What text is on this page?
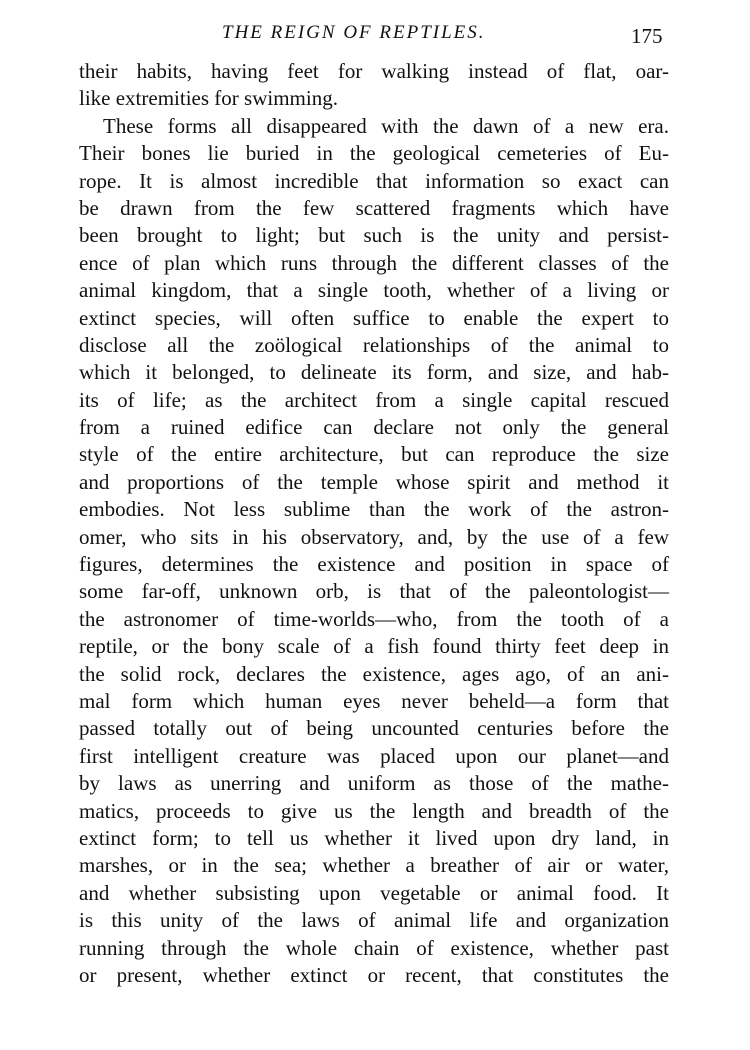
THE REIGN OF REPTILES.	175
their habits, having feet for walking instead of flat, oar-
like extremities for swimming.
These forms all disappeared with the dawn of a new era.
Their bones lie buried in the geological cemeteries of Eu-
rope. It is almost incredible that information so exact can
be drawn from the few scattered fragments which have
been brought to light; but such is the unity and persist-
ence of plan which runs through the different classes of the
animal kingdom, that a single tooth, whether of a living or
extinct species, will often suffice to enable the expert to
disclose all the zoölogical relationships of the animal to
which it belonged, to delineate its form, and size, and hab-
its of life; as the architect from a single capital rescued
from a ruined edifice can declare not only the general
style of the entire architecture, but can reproduce the size
and proportions of the temple whose spirit and method it
embodies. Not less sublime than the work of the astron-
omer, who sits in his observatory, and, by the use of a few
figures, determines the existence and position in space of
some far-off, unknown orb, is that of the paleontologist—
the astronomer of time-worlds—who, from the tooth of a
reptile, or the bony scale of a fish found thirty feet deep in
the solid rock, declares the existence, ages ago, of an ani-
mal form which human eyes never beheld—a form that
passed totally out of being uncounted centuries before the
first intelligent creature was placed upon our planet—and
by laws as unerring and uniform as those of the mathe-
matics, proceeds to give us the length and breadth of the
extinct form; to tell us whether it lived upon dry land, in
marshes, or in the sea; whether a breather of air or water,
and whether subsisting upon vegetable or animal food. It
is this unity of the laws of animal life and organization
running through the whole chain of existence, whether past
or present, whether extinct or recent, that constitutes the
